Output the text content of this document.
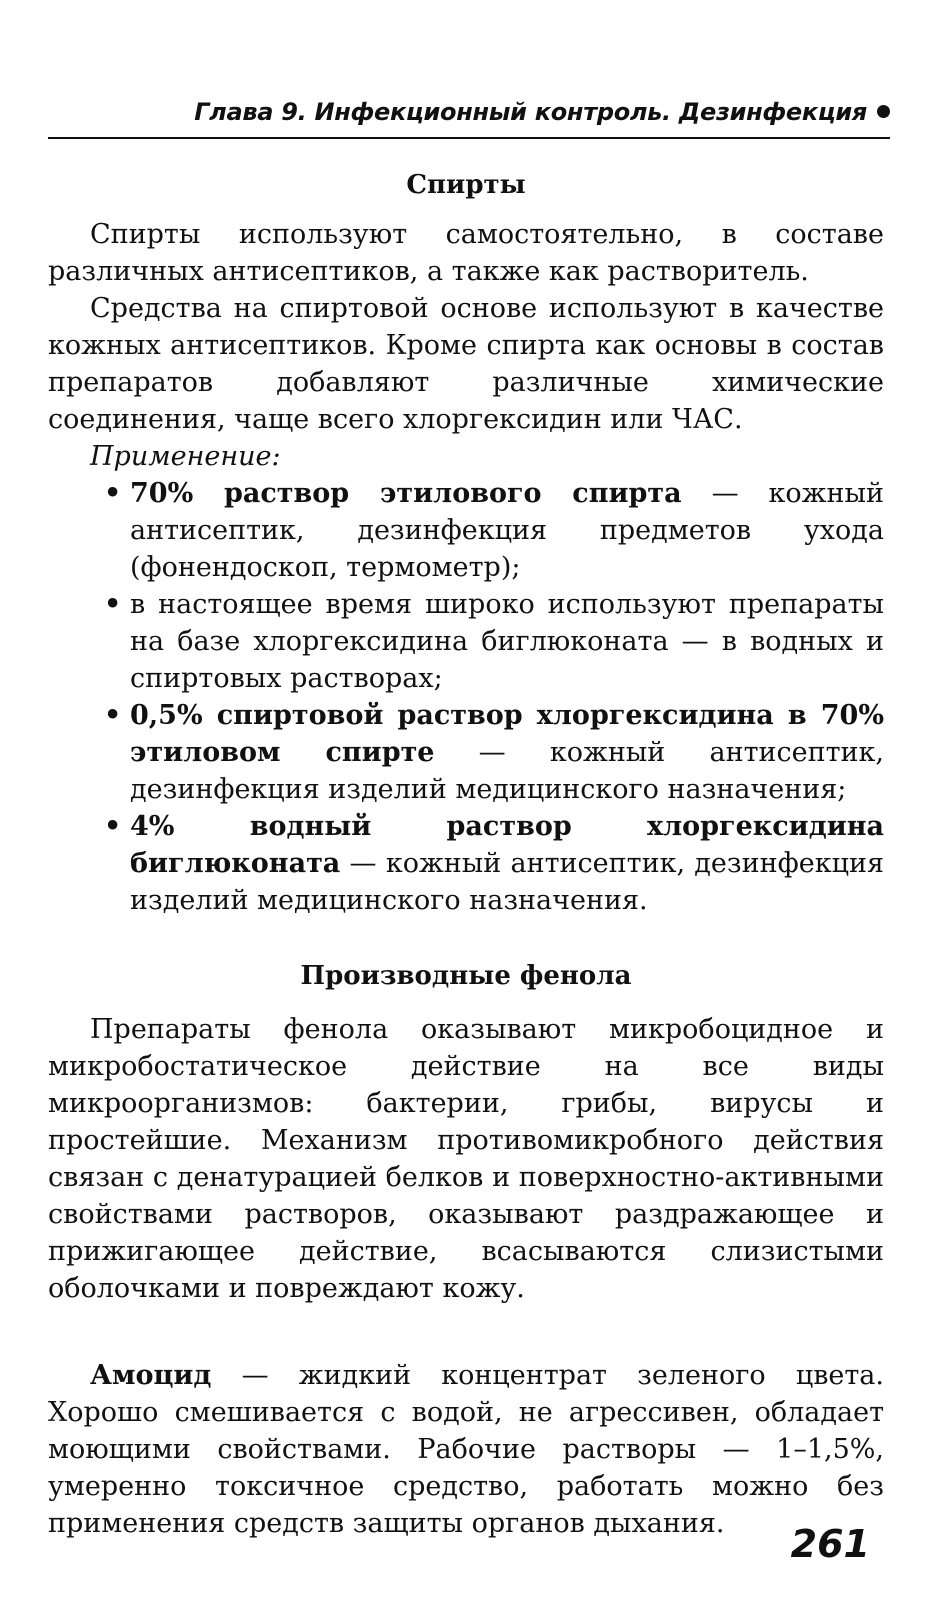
Глава 9. Инфекционный контроль. Дезинфекция
Спирты

Спирты используют самостоятельно, в составе различных антисептиков, а также как растворитель.

Средства на спиртовой основе используют в качестве кожных антисептиков. Кроме спирта как основы в состав препаратов добавляют различные химические соединения, чаще всего хлоргексидин или ЧАС.

Применение:

• 70% раствор этилового спирта — кожный антисептик, дезинфекция предметов ухода (фонендоскоп, термометр);
• в настоящее время широко используют препараты на базе хлоргексидина биглюконата — в водных и спиртовых растворах;
• 0,5% спиртовой раствор хлоргексидина в 70% этиловом спирте — кожный антисептик, дезинфекция изделий медицинского назначения;
• 4% водный раствор хлоргексидина биглюконата — кожный антисептик, дезинфекция изделий медицинского назначения.
Производные фенола

Препараты фенола оказывают микробоцидное и микробостатическое действие на все виды микроорганизмов: бактерии, грибы, вирусы и простейшие. Механизм противомикробного действия связан с денатурацией белков и поверхностно-активными свойствами растворов, оказывают раздражающее и прижигающее действие, всасываются слизистыми оболочками и повреждают кожу.

Амоцид — жидкий концентрат зеленого цвета. Хорошо смешивается с водой, не агрессивен, обладает моющими свойствами. Рабочие растворы — 1–1,5%, умеренно токсичное средство, работать можно без применения средств защиты органов дыхания.	261
